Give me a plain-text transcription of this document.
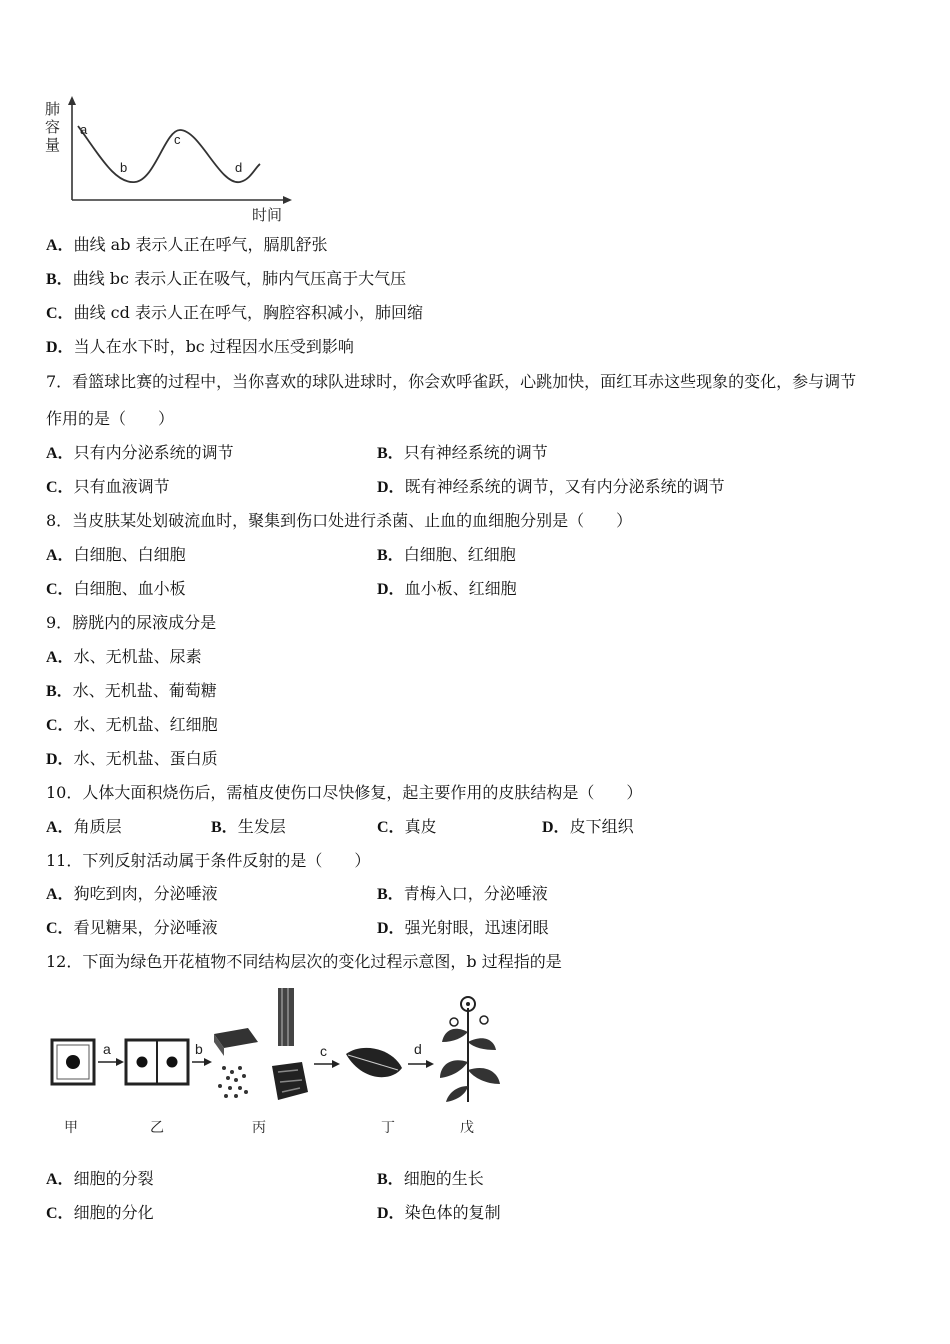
肺
容
量
a
b
c
d
时间
A．曲线 ab 表示人正在呼气，膈肌舒张
B．曲线 bc 表示人正在吸气，肺内气压高于大气压
C．曲线 cd 表示人正在呼气，胸腔容积减小，肺回缩
D．当人在水下时，bc 过程因水压受到影响
7．看篮球比赛的过程中，当你喜欢的球队进球时，你会欢呼雀跃，心跳加快，面红耳赤这些现象的变化，参与调节
作用的是（　　）
A．只有内分泌系统的调节	B．只有神经系统的调节
C．只有血液调节	D．既有神经系统的调节，又有内分泌系统的调节
8．当皮肤某处划破流血时，聚集到伤口处进行杀菌、止血的血细胞分别是（　　）
A．白细胞、白细胞	B．白细胞、红细胞
C．白细胞、血小板	D．血小板、红细胞
9．膀胱内的尿液成分是
A．水、无机盐、尿素
B．水、无机盐、葡萄糖
C．水、无机盐、红细胞
D．水、无机盐、蛋白质
10．人体大面积烧伤后，需植皮使伤口尽快修复，起主要作用的皮肤结构是（　　）
A．角质层	B．生发层	C．真皮	D．皮下组织
11．下列反射活动属于条件反射的是（　　）
A．狗吃到肉，分泌唾液	B．青梅入口，分泌唾液
C．看见糖果，分泌唾液	D．强光射眼，迅速闭眼
12．下面为绿色开花植物不同结构层次的变化过程示意图，b 过程指的是
a	b	c	d
甲	乙	丙	丁	戊
A．细胞的分裂	B．细胞的生长
C．细胞的分化	D．染色体的复制
